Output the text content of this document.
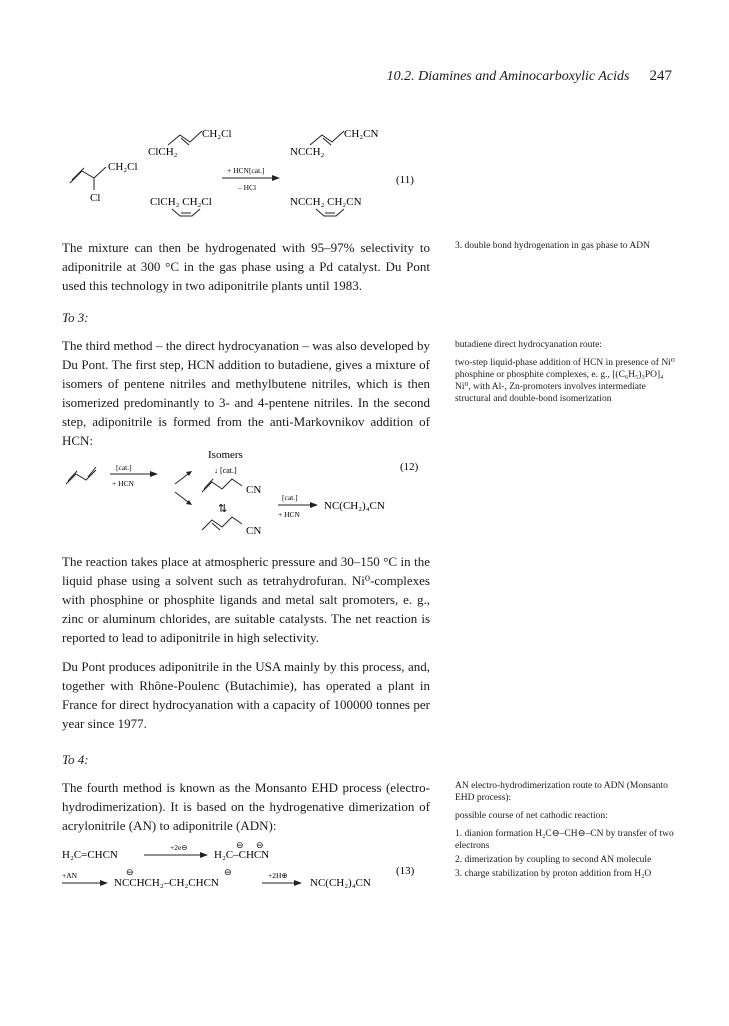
10.2. Diamines and Aminocarboxylic Acids 247
CH₂Cl
Cl
CH₂Cl
ClCH₂
CH₂CN
NCCH₂
+ HCN[cat.]
– HCl
(11)
ClCH₂ CH₂Cl	NCCH₂ CH₂CN

The mixture can then be hydrogenated with 95–97% selectivity to adiponitrile at 300 °C in the gas phase using a Pd catalyst. Du Pont used this technology in two adiponitrile plants until 1983.

3. double bond hydrogenation in gas phase to ADN

To 3:

The third method – the direct hydrocyanation – was also developed by Du Pont. The first step, HCN addition to butadiene, gives a mixture of isomers of pentene nitriles and methylbutene nitriles, which is then isomerized predominantly to 3- and 4-pentene nitriles. In the second step, adiponitrile is formed from the anti-Markovnikov addition of HCN:

butadiene direct hydrocyanation route:

two-step liquid-phase addition of HCN in presence of Ni⁰ phosphine or phosphite complexes, e. g., [(C₆H₅)₃PO]₄ Ni⁰, with Al-, Zn-promoters involves intermediate structural and double-bond isomerization

[cat.]
+ HCN
Isomers
↓ [cat.]
CN
⇅
CN
[cat.]
+ HCN
NC(CH₂)₄CN
(12)

The reaction takes place at atmospheric pressure and 30–150 °C in the liquid phase using a solvent such as tetrahydrofuran. Ni⁰-complexes with phosphine or phosphite ligands and metal salt promoters, e. g., zinc or aluminum chlorides, are suitable catalysts. The net reaction is reported to lead to adiponitrile in high selectivity.

Du Pont produces adiponitrile in the USA mainly by this process, and, together with Rhône-Poulenc (Butachimie), has operated a plant in France for direct hydrocyanation with a capacity of 100000 tonnes per year since 1977.

To 4:

The fourth method is known as the Monsanto EHD process (electro-hydrodimerization). It is based on the hydrogenative dimerization of acrylonitrile (AN) to adiponitrile (ADN):

AN electro-hydrodimerization route to ADN (Monsanto EHD process):

possible course of net cathodic reaction:

1. dianion formation H₂C⊖–CH⊖–CN by transfer of two electrons
2. dimerization by coupling to second AN molecule
3. charge stabilization by proton addition from H₂O
H₂C=CHCN
+2e⊖	⊖ ⊖
H₂C–CHCN
+AN	⊖	⊖
NCCHCH₂–CH₂CHCN
+2H⊕
NC(CH₂)₄CN
(13)
